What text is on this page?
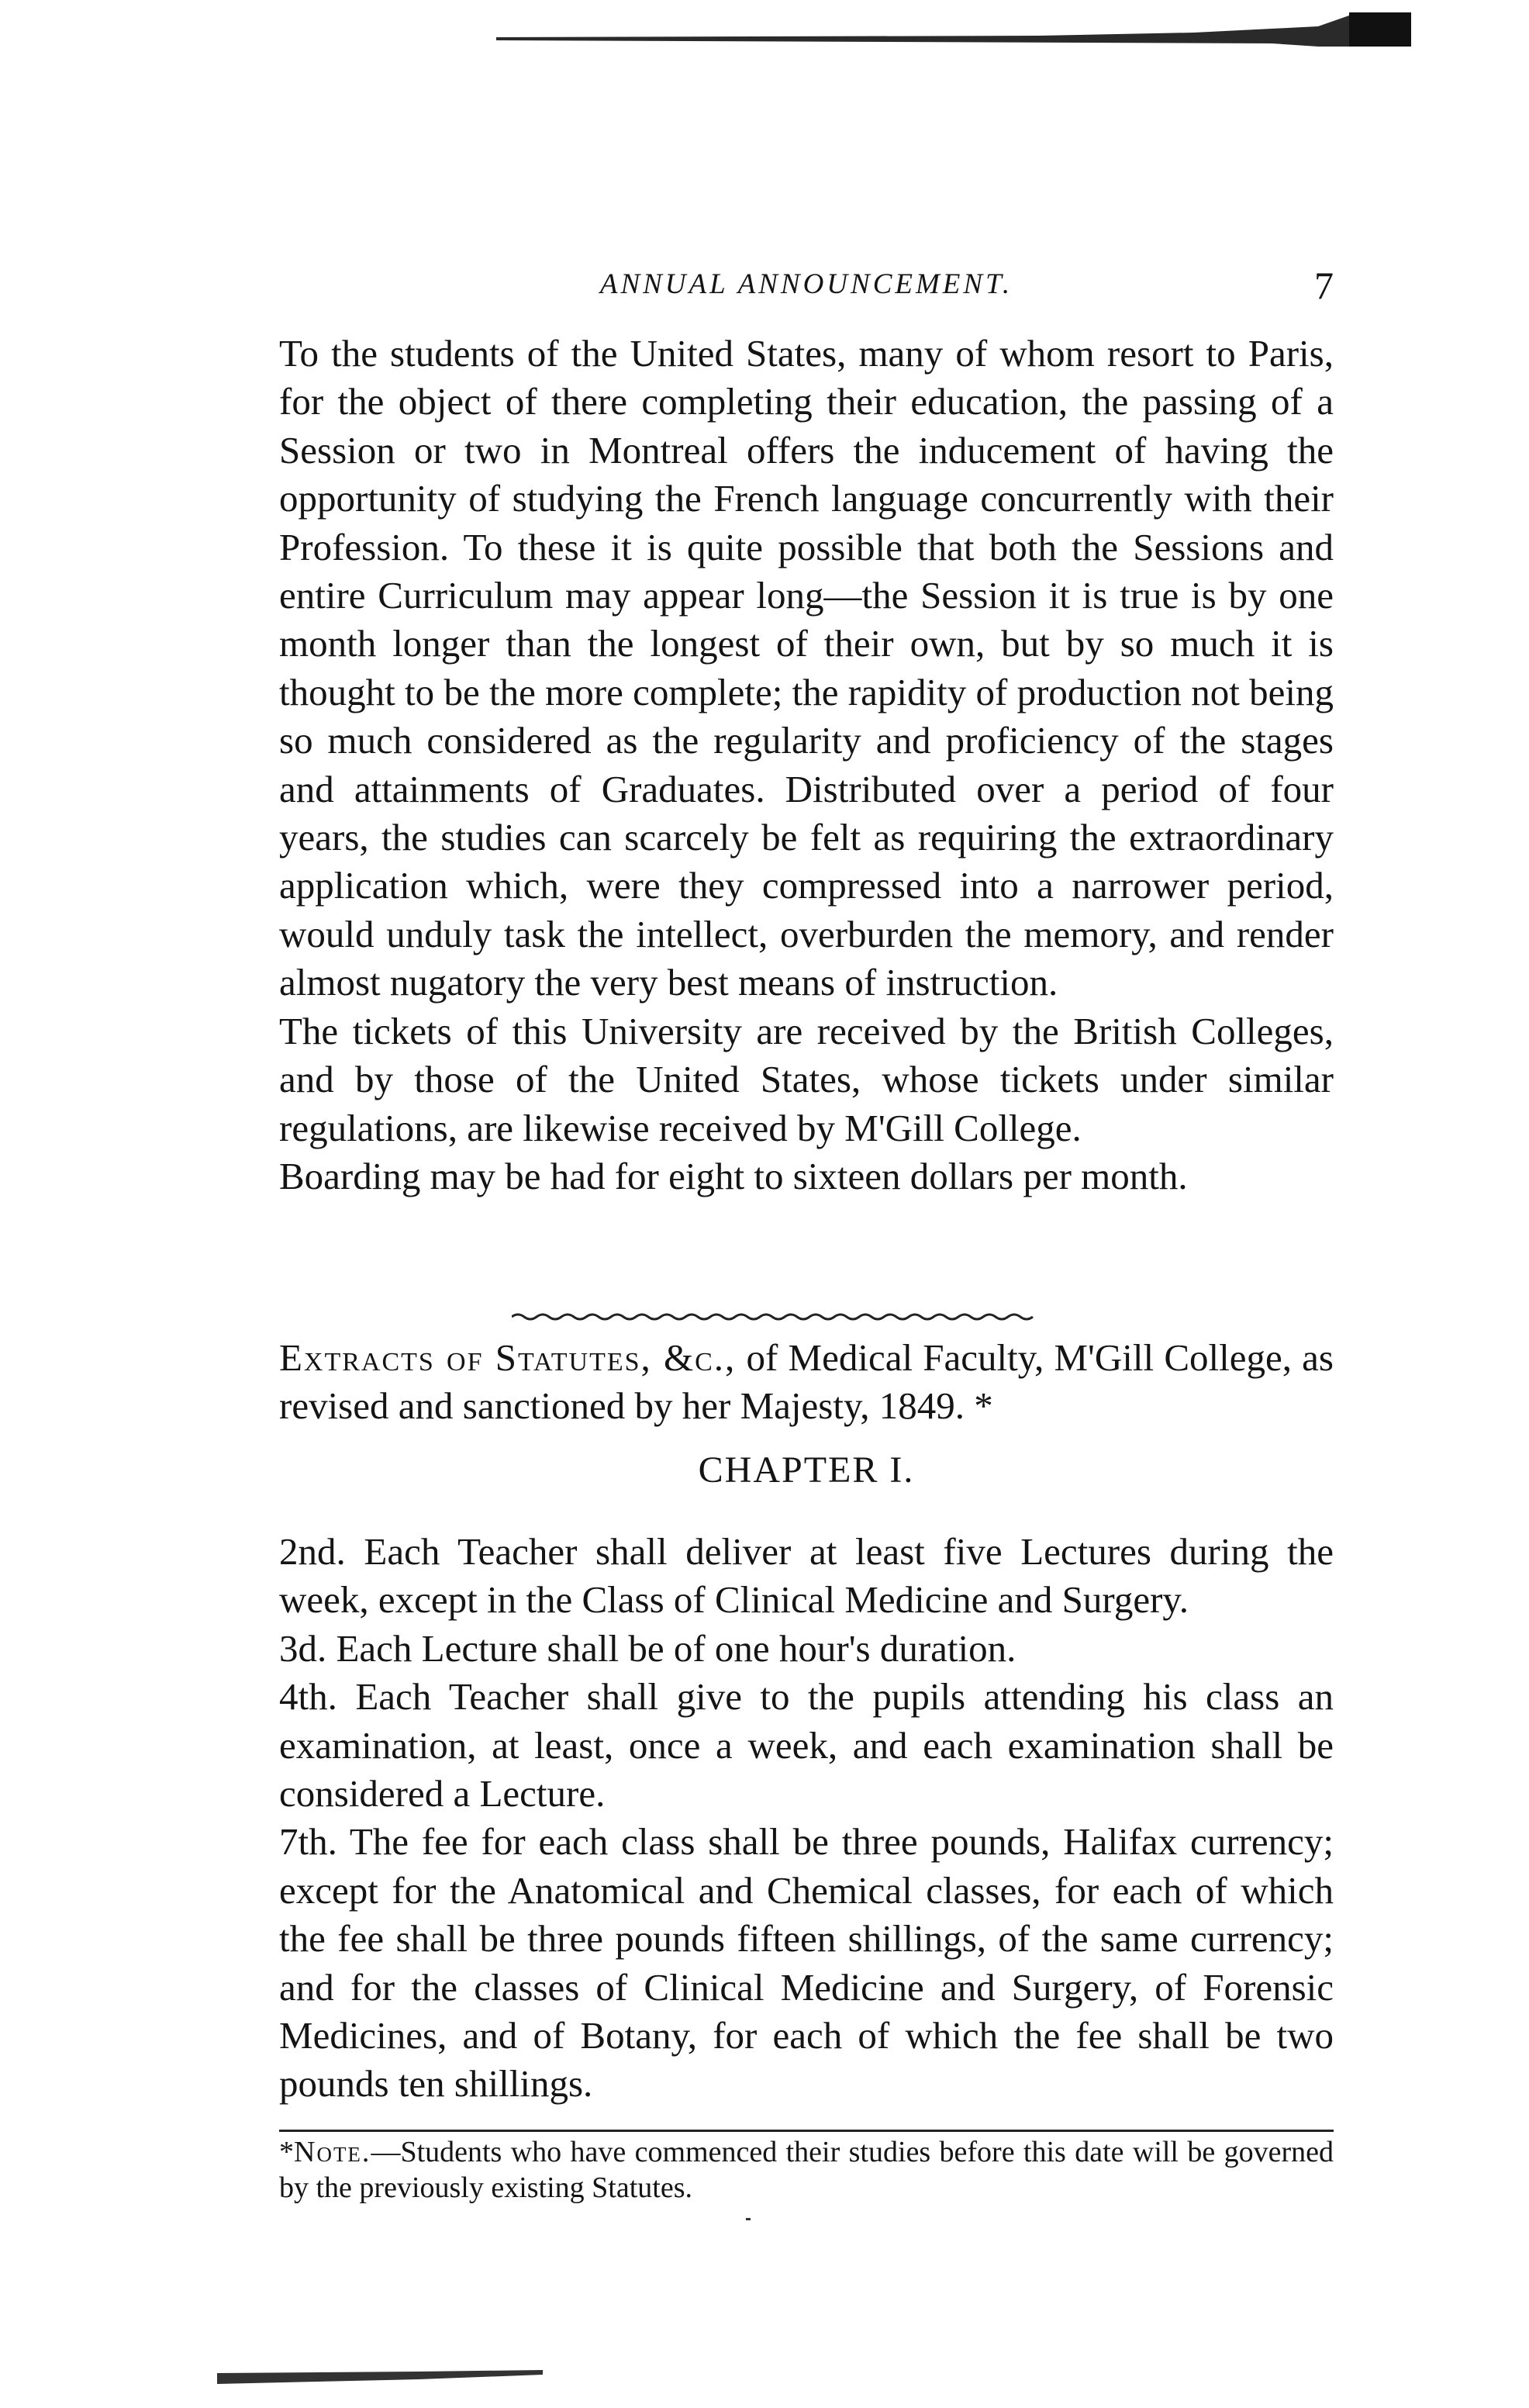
ANNUAL ANNOUNCEMENT.	7

To the students of the United States, many of whom resort to Paris, for the object of there completing their education, the passing of a Session or two in Montreal offers the inducement of having the opportunity of studying the French language concurrently with their Profession. To these it is quite possible that both the Sessions and entire Curriculum may appear long—the Session it is true is by one month longer than the longest of their own, but by so much it is thought to be the more complete; the rapidity of production not being so much considered as the regularity and proficiency of the stages and attainments of Graduates. Distributed over a period of four years, the studies can scarcely be felt as requiring the extraordinary application which, were they compressed into a narrower period, would unduly task the intellect, overburden the memory, and render almost nugatory the very best means of instruction.

The tickets of this University are received by the British Colleges, and by those of the United States, whose tickets under similar regulations, are likewise received by M'Gill College.

Boarding may be had for eight to sixteen dollars per month.

Extracts of Statutes, &c., of Medical Faculty, M'Gill College, as revised and sanctioned by her Majesty, 1849. *
CHAPTER I.

2nd. Each Teacher shall deliver at least five Lectures during the week, except in the Class of Clinical Medicine and Surgery.

3d. Each Lecture shall be of one hour's duration.

4th. Each Teacher shall give to the pupils attending his class an examination, at least, once a week, and each examination shall be considered a Lecture.

7th. The fee for each class shall be three pounds, Halifax currency; except for the Anatomical and Chemical classes, for each of which the fee shall be three pounds fifteen shillings, of the same currency; and for the classes of Clinical Medicine and Surgery, of Forensic Medicines, and of Botany, for each of which the fee shall be two pounds ten shillings.

*Note.—Students who have commenced their studies before this date will be governed by the previously existing Statutes.
